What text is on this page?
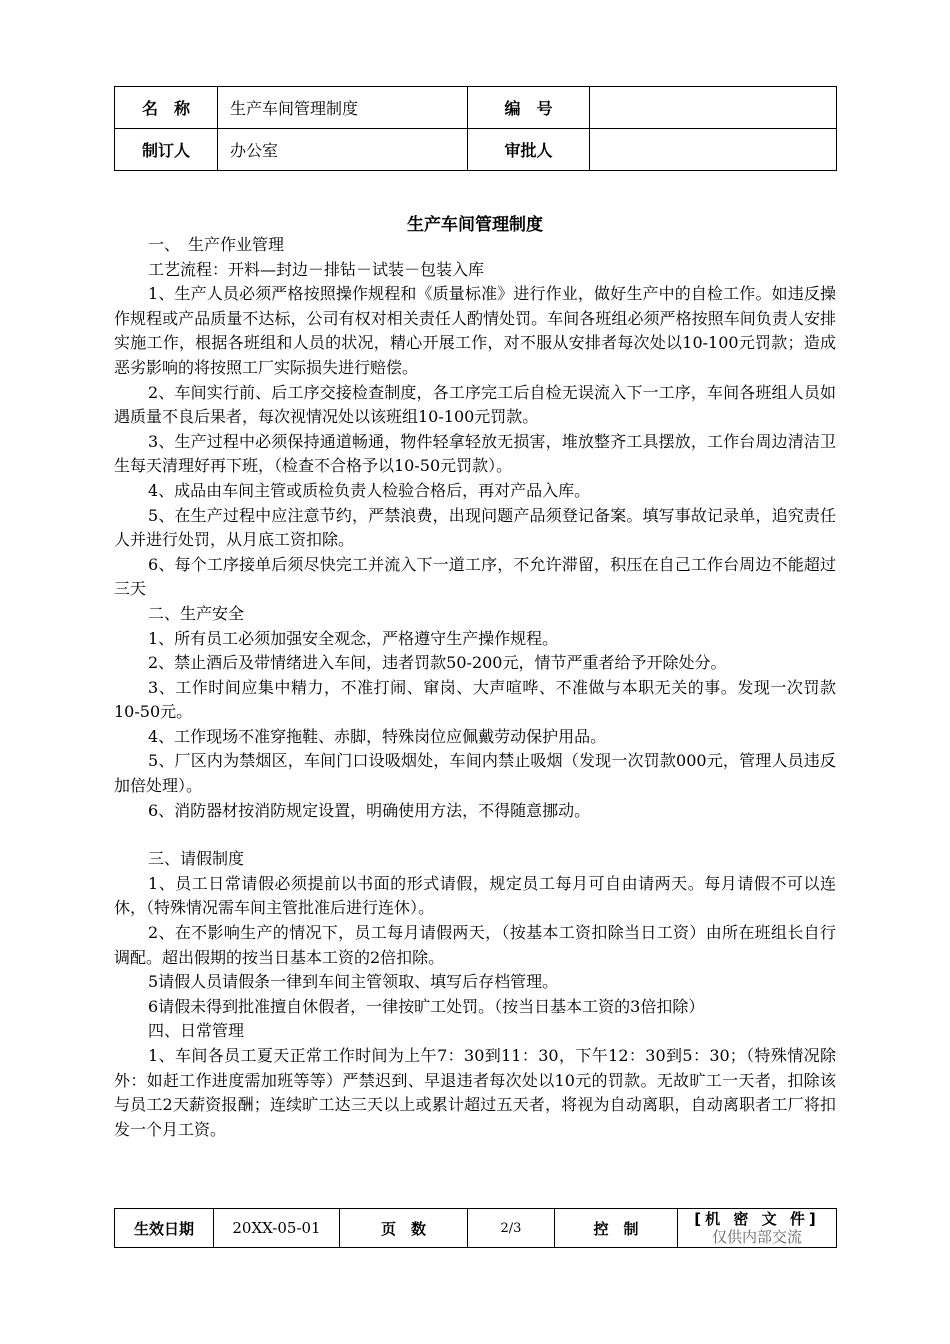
名　称	生产车间管理制度	编　号	
制订人	办公室	审批人	
生产车间管理制度

一、　生产作业管理

工艺流程：开料—封边－排钻－试装－包装入库

1、生产人员必须严格按照操作规程和《质量标准》进行作业，做好生产中的自检工作。如违反操作规程或产品质量不达标，公司有权对相关责任人酌情处罚。车间各班组必须严格按照车间负责人安排实施工作，根据各班组和人员的状况，精心开展工作，对不服从安排者每次处以10-100元罚款；造成恶劣影响的将按照工厂实际损失进行赔偿。

2、车间实行前、后工序交接检查制度，各工序完工后自检无误流入下一工序，车间各班组人员如遇质量不良后果者，每次视情况处以该班组10-100元罚款。

3、生产过程中必须保持通道畅通，物件轻拿轻放无损害，堆放整齐工具摆放，工作台周边清洁卫生每天清理好再下班，（检查不合格予以10-50元罚款）。

4、成品由车间主管或质检负责人检验合格后，再对产品入库。

5、在生产过程中应注意节约，严禁浪费，出现问题产品须登记备案。填写事故记录单，追究责任人并进行处罚，从月底工资扣除。

6、每个工序接单后须尽快完工并流入下一道工序，不允许滞留，积压在自己工作台周边不能超过三天

二、生产安全

1、所有员工必须加强安全观念，严格遵守生产操作规程。

2、禁止酒后及带情绪进入车间，违者罚款50-200元，情节严重者给予开除处分。

3、工作时间应集中精力，不准打闹、窜岗、大声喧哗、不准做与本职无关的事。发现一次罚款10-50元。

4、工作现场不准穿拖鞋、赤脚，特殊岗位应佩戴劳动保护用品。

5、厂区内为禁烟区，车间门口设吸烟处，车间内禁止吸烟（发现一次罚款000元，管理人员违反加倍处理）。

6、消防器材按消防规定设置，明确使用方法，不得随意挪动。

三、请假制度

1、员工日常请假必须提前以书面的形式请假，规定员工每月可自由请两天。每月请假不可以连休，（特殊情况需车间主管批准后进行连休）。

2、在不影响生产的情况下，员工每月请假两天，（按基本工资扣除当日工资）由所在班组长自行调配。超出假期的按当日基本工资的2倍扣除。

5请假人员请假条一律到车间主管领取、填写后存档管理。

6请假未得到批准擅自休假者，一律按旷工处罚。（按当日基本工资的3倍扣除）

四、日常管理

1、车间各员工夏天正常工作时间为上午7：30到11：30，下午12：30到5：30；（特殊情况除外：如赶工作进度需加班等等）严禁迟到、早退违者每次处以10元的罚款。无故旷工一天者，扣除该与员工2天薪资报酬；连续旷工达三天以上或累计超过五天者，将视为自动离职，自动离职者工厂将扣发一个月工资。

生效日期	20XX-05-01	页　数	2/3	控　制	
[机 密 文 件]
仅供内部交流
